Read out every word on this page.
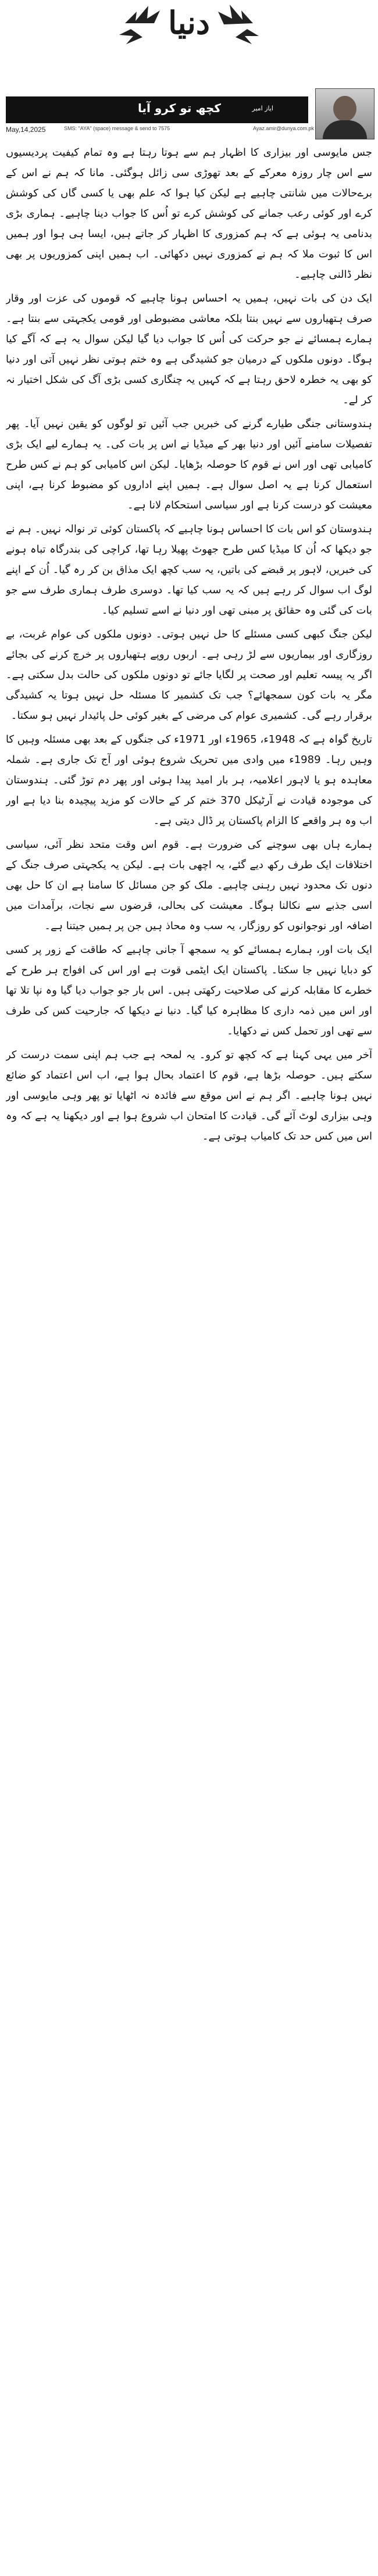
دنیا
کچھ تو کرو آیا	ایاز امیر
May,14,2025	SMS: "AYA" (space) message & send to 7575	Ayaz.amir@dunya.com.pk

جس مایوسی اور بیزاری کا اظہار ہم سے ہوتا رہتا ہے وہ تمام کیفیت پردیسیوں سے اس چار روزہ معرکے کے بعد تھوڑی سی زائل ہوگئی۔ مانا کہ ہم نے اس کے برےحالات میں شانتی چاہیے ہے لیکن کیا ہوا کہ علم بھی یا کسی گاں کی کوشش کرے اور کوئی رعب جمانے کی کوشش کرے تو اُس کا جواب دینا چاہیے۔ ہماری بڑی بدنامی یہ ہوئی ہے کہ ہم کمزوری کا اظہار کر جاتے ہیں، ایسا ہی ہوا اور ہمیں اس کا ثبوت ملا کہ ہم نے کمزوری نہیں دکھائی۔ اب ہمیں اپنی کمزوریوں پر بھی نظر ڈالنی چاہیے۔

ایک دن کی بات نہیں، ہمیں یہ احساس ہونا چاہیے کہ قوموں کی عزت اور وقار صرف ہتھیاروں سے نہیں بنتا بلکہ معاشی مضبوطی اور قومی یکجہتی سے بنتا ہے۔ ہمارے ہمسائے نے جو حرکت کی اُس کا جواب دیا گیا لیکن سوال یہ ہے کہ آگے کیا ہوگا۔ دونوں ملکوں کے درمیان جو کشیدگی ہے وہ ختم ہوتی نظر نہیں آتی اور دنیا کو بھی یہ خطرہ لاحق رہتا ہے کہ کہیں یہ چنگاری کسی بڑی آگ کی شکل اختیار نہ کر لے۔

ہندوستانی جنگی طیارے گرنے کی خبریں جب آئیں تو لوگوں کو یقین نہیں آیا۔ پھر تفصیلات سامنے آئیں اور دنیا بھر کے میڈیا نے اس پر بات کی۔ یہ ہمارے لیے ایک بڑی کامیابی تھی اور اس نے قوم کا حوصلہ بڑھایا۔ لیکن اس کامیابی کو ہم نے کس طرح استعمال کرنا ہے یہ اصل سوال ہے۔ ہمیں اپنے اداروں کو مضبوط کرنا ہے، اپنی معیشت کو درست کرنا ہے اور سیاسی استحکام لانا ہے۔

ہندوستان کو اس بات کا احساس ہونا چاہیے کہ پاکستان کوئی تر نوالہ نہیں۔ ہم نے جو دیکھا کہ اُن کا میڈیا کس طرح جھوٹ پھیلا رہا تھا، کراچی کی بندرگاہ تباہ ہونے کی خبریں، لاہور پر قبضے کی باتیں، یہ سب کچھ ایک مذاق بن کر رہ گیا۔ اُن کے اپنے لوگ اب سوال کر رہے ہیں کہ یہ سب کیا تھا۔ دوسری طرف ہماری طرف سے جو بات کی گئی وہ حقائق پر مبنی تھی اور دنیا نے اسے تسلیم کیا۔

لیکن جنگ کبھی کسی مسئلے کا حل نہیں ہوتی۔ دونوں ملکوں کی عوام غربت، بے روزگاری اور بیماریوں سے لڑ رہی ہے۔ اربوں روپے ہتھیاروں پر خرچ کرنے کی بجائے اگر یہ پیسہ تعلیم اور صحت پر لگایا جائے تو دونوں ملکوں کی حالت بدل سکتی ہے۔ مگر یہ بات کون سمجھائے؟ جب تک کشمیر کا مسئلہ حل نہیں ہوتا یہ کشیدگی برقرار رہے گی۔ کشمیری عوام کی مرضی کے بغیر کوئی حل پائیدار نہیں ہو سکتا۔

تاریخ گواہ ہے کہ 1948ء، 1965ء اور 1971ء کی جنگوں کے بعد بھی مسئلہ وہیں کا وہیں رہا۔ 1989ء میں وادی میں تحریک شروع ہوئی اور آج تک جاری ہے۔ شملہ معاہدہ ہو یا لاہور اعلامیہ، ہر بار امید پیدا ہوئی اور پھر دم توڑ گئی۔ ہندوستان کی موجودہ قیادت نے آرٹیکل 370 ختم کر کے حالات کو مزید پیچیدہ بنا دیا ہے اور اب وہ ہر واقعے کا الزام پاکستان پر ڈال دیتی ہے۔

ہمارے ہاں بھی سوچنے کی ضرورت ہے۔ قوم اس وقت متحد نظر آئی، سیاسی اختلافات ایک طرف رکھ دیے گئے، یہ اچھی بات ہے۔ لیکن یہ یکجہتی صرف جنگ کے دنوں تک محدود نہیں رہنی چاہیے۔ ملک کو جن مسائل کا سامنا ہے ان کا حل بھی اسی جذبے سے نکالنا ہوگا۔ معیشت کی بحالی، قرضوں سے نجات، برآمدات میں اضافہ اور نوجوانوں کو روزگار، یہ سب وہ محاذ ہیں جن پر ہمیں جیتنا ہے۔

ایک بات اور، ہمارے ہمسائے کو یہ سمجھ آ جانی چاہیے کہ طاقت کے زور پر کسی کو دبایا نہیں جا سکتا۔ پاکستان ایک ایٹمی قوت ہے اور اس کی افواج ہر طرح کے خطرے کا مقابلہ کرنے کی صلاحیت رکھتی ہیں۔ اس بار جو جواب دیا گیا وہ نپا تلا تھا اور اس میں ذمہ داری کا مظاہرہ کیا گیا۔ دنیا نے دیکھا کہ جارحیت کس کی طرف سے تھی اور تحمل کس نے دکھایا۔

آخر میں یہی کہنا ہے کہ کچھ تو کرو۔ یہ لمحہ ہے جب ہم اپنی سمت درست کر سکتے ہیں۔ حوصلہ بڑھا ہے، قوم کا اعتماد بحال ہوا ہے، اب اس اعتماد کو ضائع نہیں ہونا چاہیے۔ اگر ہم نے اس موقع سے فائدہ نہ اٹھایا تو پھر وہی مایوسی اور وہی بیزاری لوٹ آئے گی۔ قیادت کا امتحان اب شروع ہوا ہے اور دیکھنا یہ ہے کہ وہ اس میں کس حد تک کامیاب ہوتی ہے۔
